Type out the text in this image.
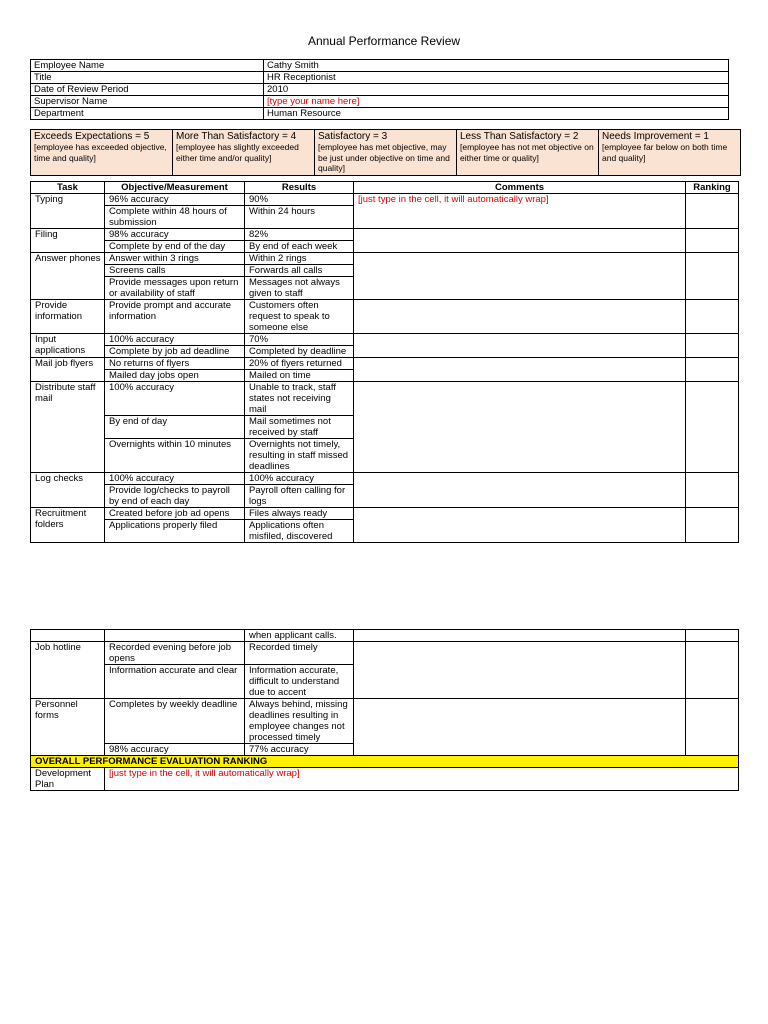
Annual Performance Review
Employee Name	Cathy Smith
Title	HR Receptionist
Date of Review Period	2010
Supervisor Name	[type your name here]
Department	Human Resource
Exceeds Expectations = 5
[employee has exceeded objective, time and quality]

More Than Satisfactory = 4
[employee has slightly exceeded either time and/or quality]

Satisfactory = 3
[employee has met objective, may be just under objective on time and quality]

Less Than Satisfactory = 2
[employee has not met objective on either time or quality]

Needs Improvement = 1
[employee far below on both time and quality]
Task	Objective/Measurement	Results	Comments	Ranking
Typing	96% accuracy	90%	[just type in the cell, it will automatically wrap]	
	Complete within 48 hours of submission	Within 24 hours		
Filing	98% accuracy	82%		
	Complete by end of the day	By end of each week		
Answer phones	Answer within 3 rings	Within 2 rings		
	Screens calls	Forwards all calls		
	Provide messages upon return or availability of staff	Messages not always given to staff		
Provide information	Provide prompt and accurate information	Customers often request to speak to someone else		
Input applications	100% accuracy	70%		
	Complete by job ad deadline	Completed by deadline		
Mail job flyers	No returns of flyers	20% of flyers returned		
	Mailed day jobs open	Mailed on time		
Distribute staff mail	100% accuracy	Unable to track, staff states not receiving mail		
	By end of day	Mail sometimes not received by staff		
	Overnights within 10 minutes	Overnights not timely, resulting in staff missed deadlines		
Log checks	100% accuracy	100% accuracy		
	Provide log/checks to payroll by end of each day	Payroll often calling for logs		
Recruitment folders	Created before job ad opens	Files always ready		
	Applications properly filed	Applications often misfiled, discovered		
		when applicant calls.		
Job hotline	Recorded evening before job opens	Recorded timely		
	Information accurate and clear	Information accurate, difficult to understand due to accent		
Personnel forms	Completes by weekly deadline	Always behind, missing deadlines resulting in employee changes not processed timely		
	98% accuracy	77% accuracy		
OVERALL PERFORMANCE EVALUATION RANKING				
Development Plan	[just type in the cell, it will automatically wrap]			
